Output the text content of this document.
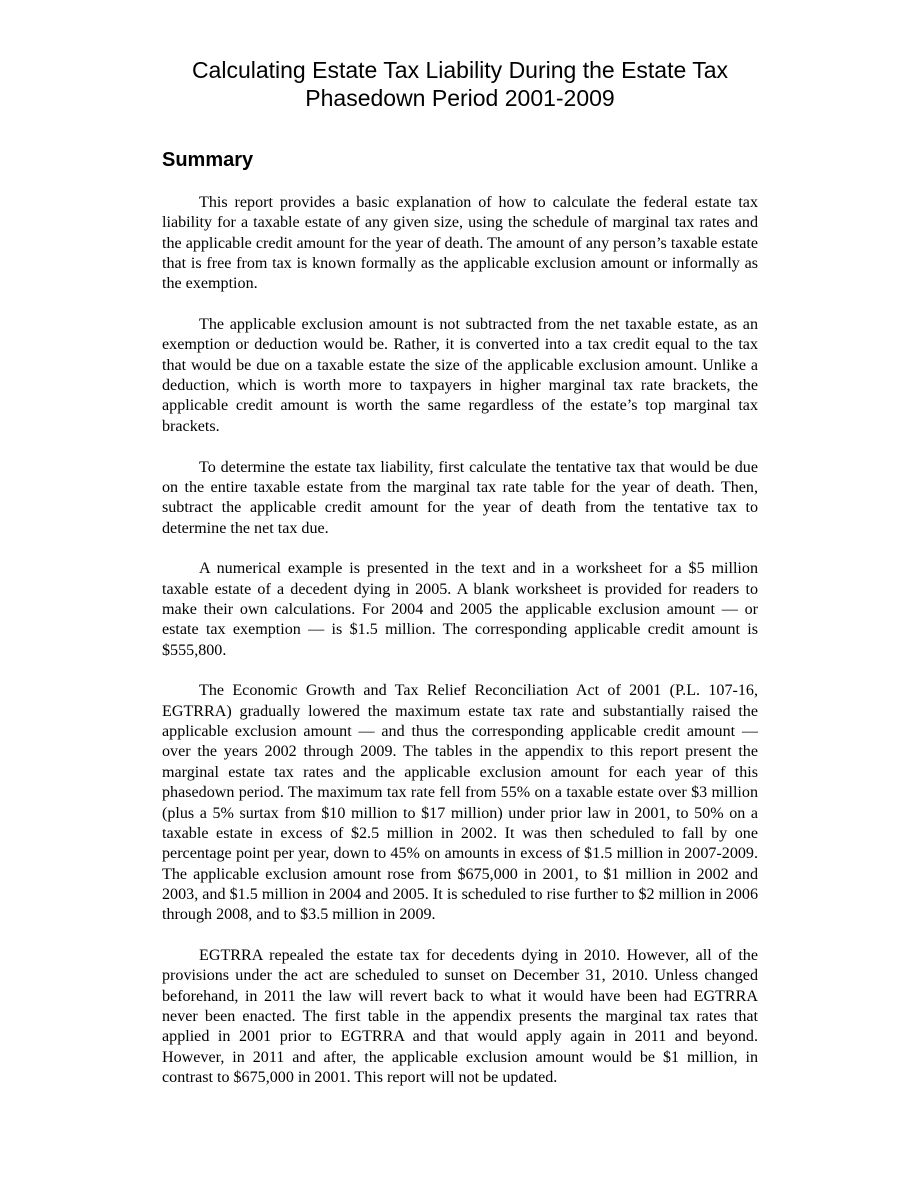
Calculating Estate Tax Liability During the Estate Tax
Phasedown Period 2001-2009
Summary

This report provides a basic explanation of how to calculate the federal estate tax liability for a taxable estate of any given size, using the schedule of marginal tax rates and the applicable credit amount for the year of death. The amount of any person’s taxable estate that is free from tax is known formally as the applicable exclusion amount or informally as the exemption.

The applicable exclusion amount is not subtracted from the net taxable estate, as an exemption or deduction would be. Rather, it is converted into a tax credit equal to the tax that would be due on a taxable estate the size of the applicable exclusion amount. Unlike a deduction, which is worth more to taxpayers in higher marginal tax rate brackets, the applicable credit amount is worth the same regardless of the estate’s top marginal tax brackets.

To determine the estate tax liability, first calculate the tentative tax that would be due on the entire taxable estate from the marginal tax rate table for the year of death. Then, subtract the applicable credit amount for the year of death from the tentative tax to determine the net tax due.

A numerical example is presented in the text and in a worksheet for a $5 million taxable estate of a decedent dying in 2005. A blank worksheet is provided for readers to make their own calculations. For 2004 and 2005 the applicable exclusion amount — or estate tax exemption — is $1.5 million. The corresponding applicable credit amount is $555,800.

The Economic Growth and Tax Relief Reconciliation Act of 2001 (P.L. 107-16, EGTRRA) gradually lowered the maximum estate tax rate and substantially raised the applicable exclusion amount — and thus the corresponding applicable credit amount — over the years 2002 through 2009. The tables in the appendix to this report present the marginal estate tax rates and the applicable exclusion amount for each year of this phasedown period. The maximum tax rate fell from 55% on a taxable estate over $3 million (plus a 5% surtax from $10 million to $17 million) under prior law in 2001, to 50% on a taxable estate in excess of $2.5 million in 2002. It was then scheduled to fall by one percentage point per year, down to 45% on amounts in excess of $1.5 million in 2007-2009. The applicable exclusion amount rose from $675,000 in 2001, to $1 million in 2002 and 2003, and $1.5 million in 2004 and 2005. It is scheduled to rise further to $2 million in 2006 through 2008, and to $3.5 million in 2009.

EGTRRA repealed the estate tax for decedents dying in 2010. However, all of the provisions under the act are scheduled to sunset on December 31, 2010. Unless changed beforehand, in 2011 the law will revert back to what it would have been had EGTRRA never been enacted. The first table in the appendix presents the marginal tax rates that applied in 2001 prior to EGTRRA and that would apply again in 2011 and beyond. However, in 2011 and after, the applicable exclusion amount would be $1 million, in contrast to $675,000 in 2001. This report will not be updated.
